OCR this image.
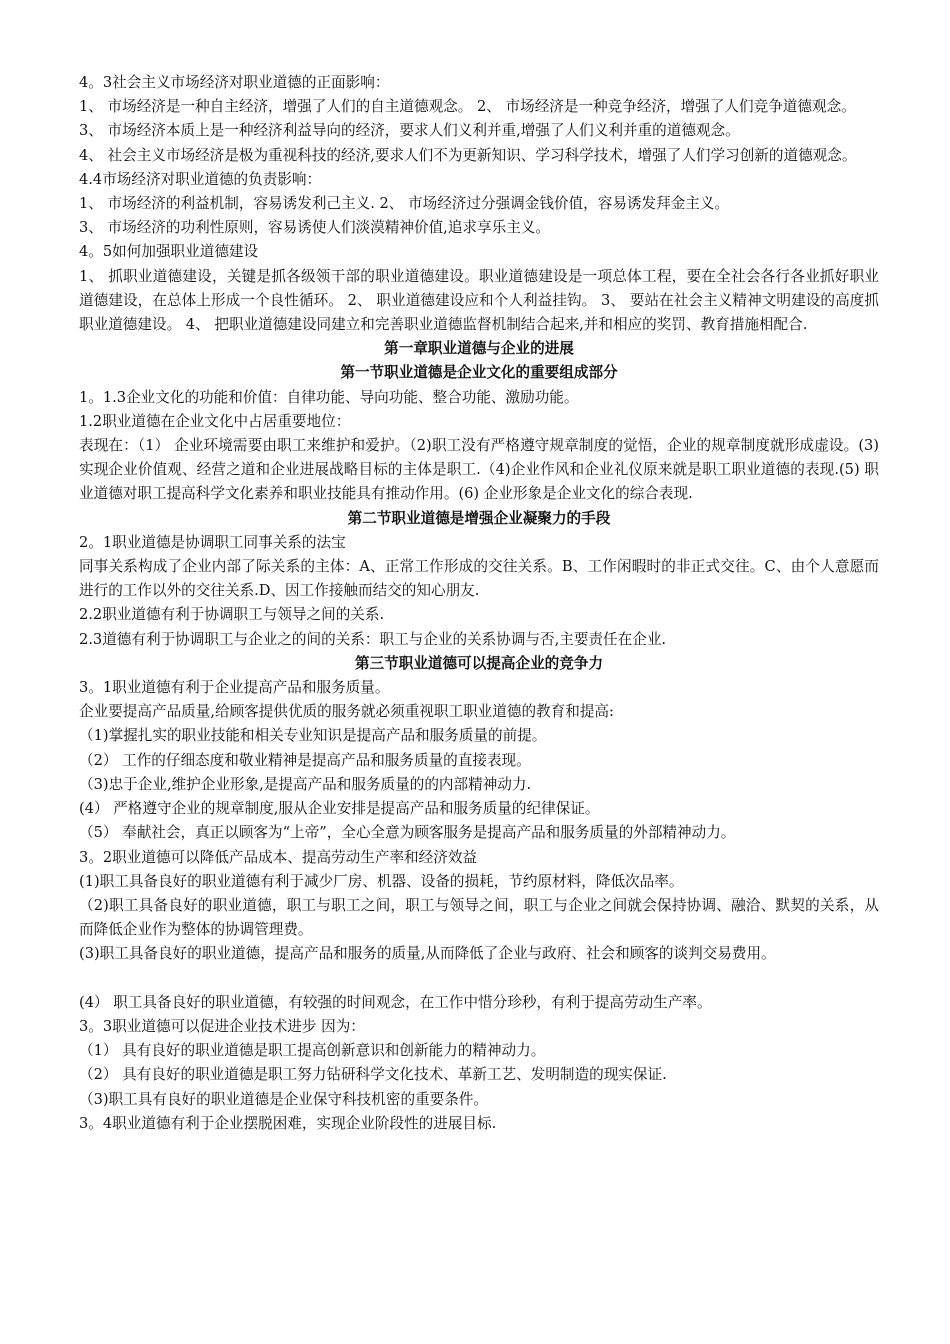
4。3社会主义市场经济对职业道德的正面影响：

1、 市场经济是一种自主经济，增强了人们的自主道德观念。 2、 市场经济是一种竞争经济，增强了人们竞争道德观念。

3、 市场经济本质上是一种经济利益导向的经济，要求人们义利并重,增强了人们义利并重的道德观念。

4、 社会主义市场经济是极为重视科技的经济,要求人们不为更新知识、学习科学技术，增强了人们学习创新的道德观念。

4.4市场经济对职业道德的负责影响：

1、 市场经济的利益机制，容易诱发利己主义. 2、 市场经济过分强调金钱价值，容易诱发拜金主义。

3、 市场经济的功利性原则，容易诱使人们淡漠精神价值,追求享乐主义。

4。5如何加强职业道德建设

1、 抓职业道德建设，关键是抓各级领干部的职业道德建设。职业道德建设是一项总体工程，要在全社会各行各业抓好职业道德建设，在总体上形成一个良性循环。 2、 职业道德建设应和个人利益挂钩。 3、 要站在社会主义精神文明建设的高度抓职业道德建设。 4、 把职业道德建设同建立和完善职业道德监督机制结合起来,并和相应的奖罚、教育措施相配合.

第一章职业道德与企业的进展

第一节职业道德是企业文化的重要组成部分

1。1.3企业文化的功能和价值：自律功能、导向功能、整合功能、激励功能。

1.2职业道德在企业文化中占居重要地位：

表现在：（1） 企业环境需要由职工来维护和爱护。（2)职工没有严格遵守规章制度的觉悟，企业的规章制度就形成虚设。(3) 实现企业价值观、经营之道和企业进展战略目标的主体是职工.（4)企业作风和企业礼仪原来就是职工职业道德的表现.(5) 职业道德对职工提高科学文化素养和职业技能具有推动作用。(6) 企业形象是企业文化的综合表现.

第二节职业道德是增强企业凝聚力的手段

2。1职业道德是协调职工同事关系的法宝

同事关系构成了企业内部了际关系的主体：A、正常工作形成的交往关系。B、工作闲暇时的非正式交往。C、由个人意愿而进行的工作以外的交往关系.D、因工作接触而结交的知心朋友.

2.2职业道德有利于协调职工与领导之间的关系.

2.3道德有利于协调职工与企业之的间的关系：职工与企业的关系协调与否,主要责任在企业.

第三节职业道德可以提高企业的竞争力

3。1职业道德有利于企业提高产品和服务质量。

企业要提高产品质量,给顾客提供优质的服务就必须重视职工职业道德的教育和提高:

（1)掌握扎实的职业技能和相关专业知识是提高产品和服务质量的前提。

（2） 工作的仔细态度和敬业精神是提高产品和服务质量的直接表现。

（3)忠于企业,维护企业形象,是提高产品和服务质量的的内部精神动力.

(4） 严格遵守企业的规章制度,服从企业安排是提高产品和服务质量的纪律保证。

（5） 奉献社会，真正以顾客为“上帝”，全心全意为顾客服务是提高产品和服务质量的外部精神动力。

3。2职业道德可以降低产品成本、提高劳动生产率和经济效益

(1)职工具备良好的职业道德有利于减少厂房、机器、设备的损耗，节约原材料，降低次品率。

（2)职工具备良好的职业道德，职工与职工之间，职工与领导之间，职工与企业之间就会保持协调、融洽、默契的关系，从而降低企业作为整体的协调管理费。

(3)职工具备良好的职业道德，提高产品和服务的质量,从而降低了企业与政府、社会和顾客的谈判交易费用。

(4） 职工具备良好的职业道德，有较强的时间观念，在工作中惜分珍秒，有利于提高劳动生产率。

3。3职业道德可以促进企业技术进步 因为：

（1） 具有良好的职业道德是职工提高创新意识和创新能力的精神动力。

（2） 具有良好的职业道德是职工努力钻研科学文化技术、革新工艺、发明制造的现实保证.

（3)职工具有良好的职业道德是企业保守科技机密的重要条件。

3。4职业道德有利于企业摆脱困难，实现企业阶段性的进展目标.
